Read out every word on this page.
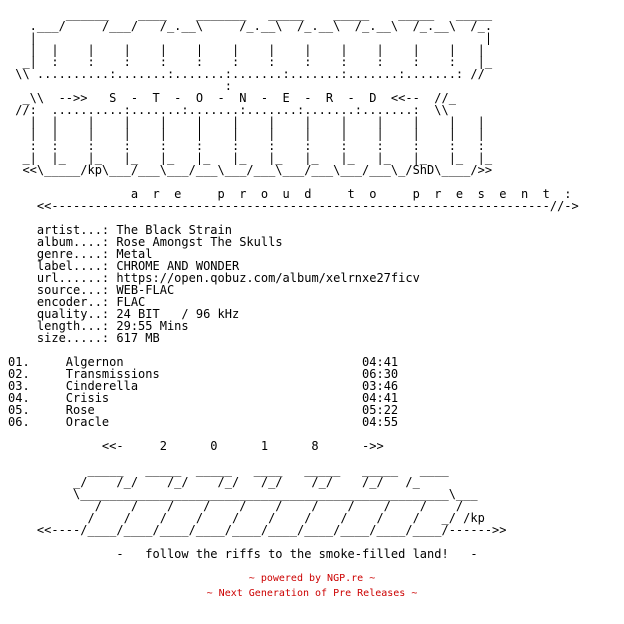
______    ____    _______   _____    _____    _____   _____
.___/     /___/   /_.__\     /_.__\  /_.__\  /_.__\  /_.__\  /_.
|                                                              |
|  |    |    |    |    |    |    |    |    |    |    |    |   |
_|  :    :    :    :    :    :    :    :    :    :    :    :   |_
\\ ..........:.......:.......:.......:.......:.......:.......: //
:
_\\  -->>   S  -  T  -  O  -  N  -  E  -  R  -  D  <<--  //_
//:  ..........:.......:.......:.......:.......:.......:  \\
|  |    |    |    |    |    |    |    |    |    |    |    |   |
|  |    |    |    |    |    |    |    |    |    |    |    |   |
:  :    :    :    :    :    :    :    :    :    :    :    :   :
_|  |_   |_   |_   |_   |_   |_   |_   |_   |_   |_   |_   |_  |_
<<\_____/kp\___/___\___/___\___/___\___/___\___/___\_/ShD\____/>>

a  r  e     p  r  o  u  d     t  o     p  r  e  s  e  n  t  :
<<---------------------------------------------------------------------//->

artist...: The Black Strain
album....: Rose Amongst The Skulls
genre....: Metal
label....: CHROME AND WONDER
url......: https://open.qobuz.com/album/xelrnxe27ficv
source...: WEB-FLAC
encoder..: FLAC
quality..: 24 BIT   / 96 kHz
length...: 29:55 Mins
size.....: 617 MB

01.     Algernon                                 04:41
02.     Transmissions                            06:30
03.     Cinderella                               03:46
04.     Crisis                                   04:41
05.     Rose                                     05:22
06.     Oracle                                   04:55

<<-     2      0      1      8      ->>

_____   _____  _____   ____   _____   _____   ____
_/    /_/    /_/    /_/   /_/    /_/    /_/   /_
\___________________________________________________\___
/    /    /    /    /    /    /    /    /    /    /
/    /    /    /    /    /    /    /    /    /   _/ /kp
<<----/____/____/____/____/____/____/____/____/____/____/------>>

-   follow the riffs to the smoke-filled land!   -

~ powered by NGP.re ~
~ Next Generation of Pre Releases ~
